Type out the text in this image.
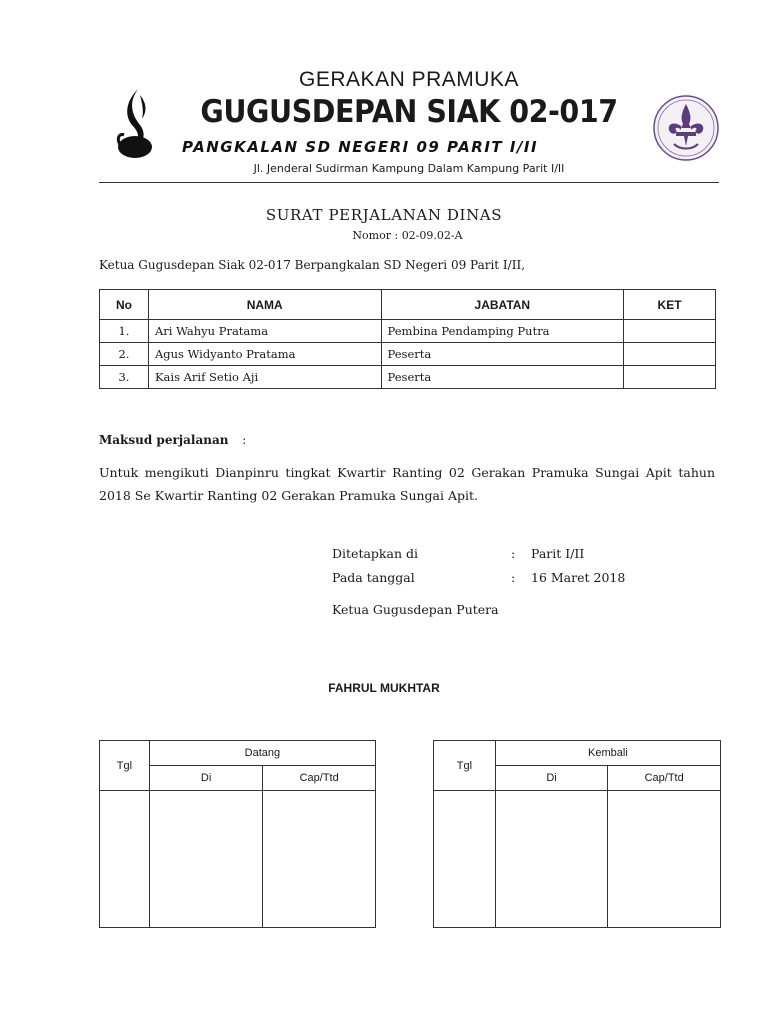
GERAKAN PRAMUKA
GUGUSDEPAN SIAK 02-017
PANGKALAN SD NEGERI 09 PARIT I/II
Jl. Jenderal Sudirman Kampung Dalam Kampung Parit I/II
SURAT PERJALANAN DINAS
Nomor : 02-09.02-A
Ketua Gugusdepan Siak 02-017 Berpangkalan SD Negeri 09 Parit I/II,
No	NAMA	JABATAN	KET
1.	Ari Wahyu Pratama	Pembina Pendamping Putra	
2.	Agus Widyanto Pratama	Peserta	
3.	Kais Arif Setio Aji	Peserta	
Maksud perjalanan :
Untuk mengikuti Dianpinru tingkat Kwartir Ranting 02 Gerakan Pramuka Sungai Apit tahun 2018 Se Kwartir Ranting 02 Gerakan Pramuka Sungai Apit.
Ditetapkan di	: Parit I/II
Pada tanggal	: 16 Maret 2018
Ketua Gugusdepan Putera
FAHRUL MUKHTAR
Tgl	Datang	
	Di	Cap/Ttd

Tgl	Kembali	
	Di	Cap/Ttd
